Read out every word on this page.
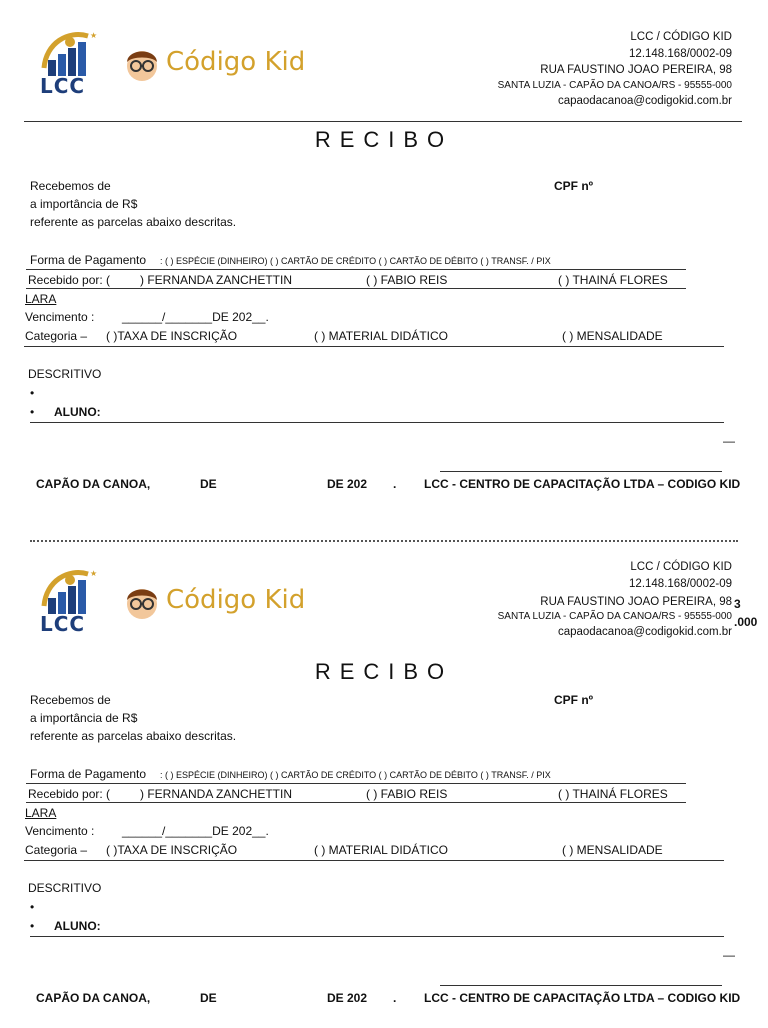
★
LCC
Código Kid
LCC / CÓDIGO KID
12.148.168/0002-09
RUA FAUSTINO JOAO PEREIRA, 98
SANTA LUZIA - CAPÃO DA CANOA/RS - 95555-000
capaodacanoa@codigokid.com.br
RECIBO
Recebemos de	CPF nº
a importância de R$
referente as parcelas abaixo descritas.
Forma de Pagamento : ( ) ESPÉCIE (DINHEIRO) ( ) CARTÃO DE CRÉDITO ( ) CARTÃO DE DÉBITO ( ) TRANSF. / PIX
Recebido por: ( ) FERNANDA ZANCHETTIN	( ) FABIO REIS	( ) THAINÁ FLORES
LARA
Vencimento : ______/_______DE 202__.
Categoria – ( )TAXA DE INSCRIÇÃO	( ) MATERIAL DIDÁTICO	( ) MENSALIDADE
DESCRITIVO
•
• ALUNO:
—
CAPÃO DA CANOA,	DE	DE 202 . LCC - CENTRO DE CAPACITAÇÃO LTDA – CODIGO KID
★
LCC
Código Kid
LCC / CÓDIGO KID
12.148.168/0002-09
RUA FAUSTINO JOAO PEREIRA, 98
SANTA LUZIA - CAPÃO DA CANOA/RS - 95555-000
capaodacanoa@codigokid.com.br
3
.000
RECIBO
Recebemos de	CPF nº
a importância de R$
referente as parcelas abaixo descritas.
Forma de Pagamento : ( ) ESPÉCIE (DINHEIRO) ( ) CARTÃO DE CRÉDITO ( ) CARTÃO DE DÉBITO ( ) TRANSF. / PIX
Recebido por: ( ) FERNANDA ZANCHETTIN	( ) FABIO REIS	( ) THAINÁ FLORES
LARA
Vencimento : ______/_______DE 202__.
Categoria – ( )TAXA DE INSCRIÇÃO	( ) MATERIAL DIDÁTICO	( ) MENSALIDADE
DESCRITIVO
•
• ALUNO:
—
CAPÃO DA CANOA,	DE	DE 202 . LCC - CENTRO DE CAPACITAÇÃO LTDA – CODIGO KID
